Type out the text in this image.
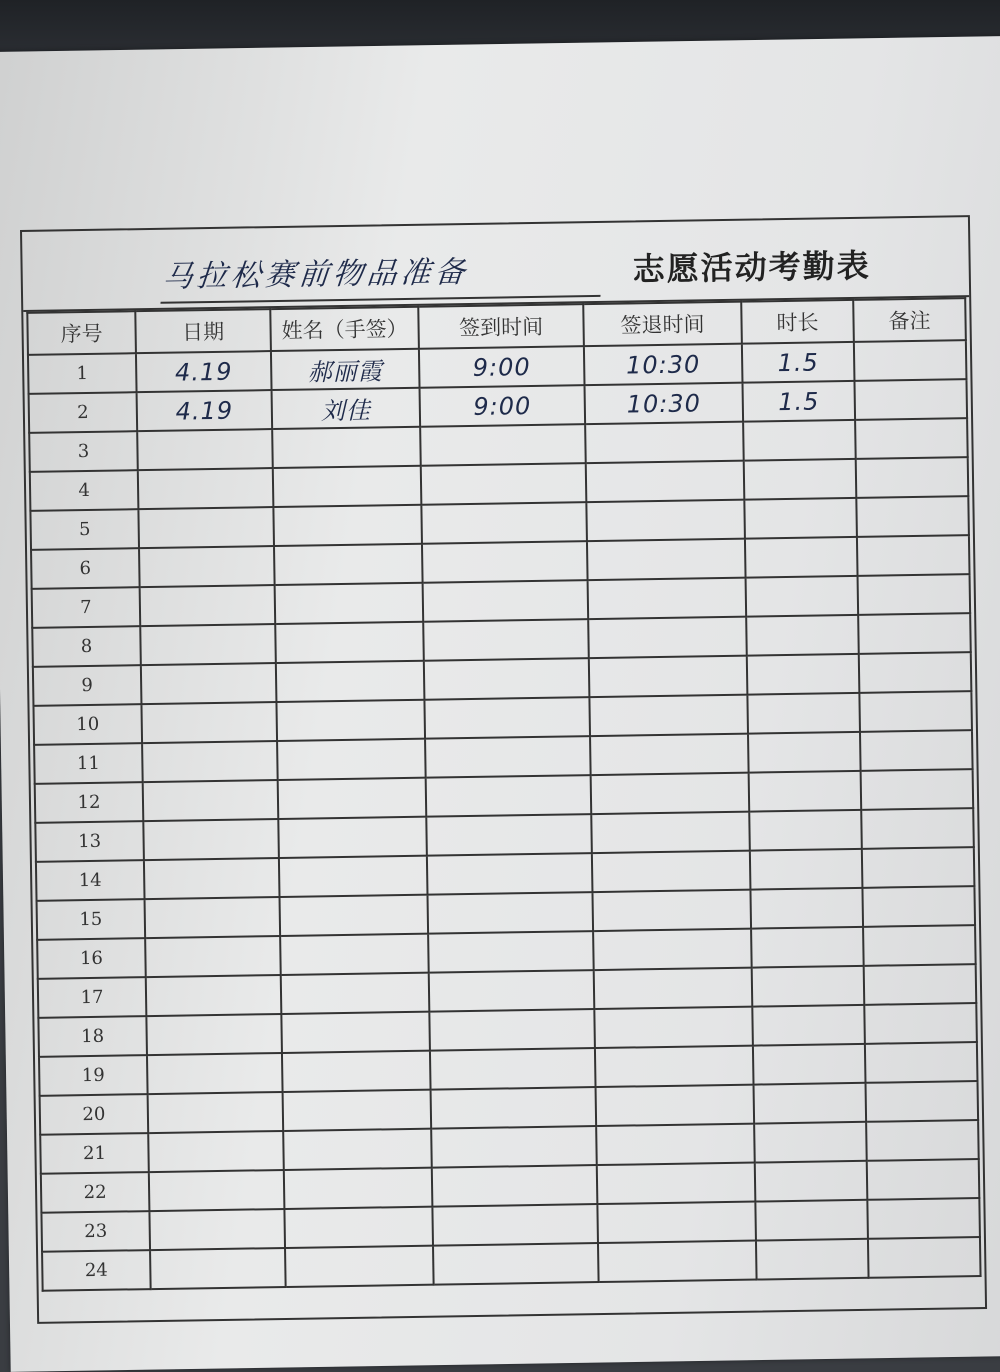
马拉松赛前物品准备	志愿活动考勤表
序号	日期	姓名（手签）	签到时间	签退时间	时长	备注
1	4.19	郝丽霞	9:00	10:30	1.5	
2	4.19	刘佳	9:00	10:30	1.5	
3						
4						
5						
6						
7						
8						
9						
10						
11						
12						
13						
14						
15						
16						
17						
18						
19						
20						
21						
22						
23						
24						
